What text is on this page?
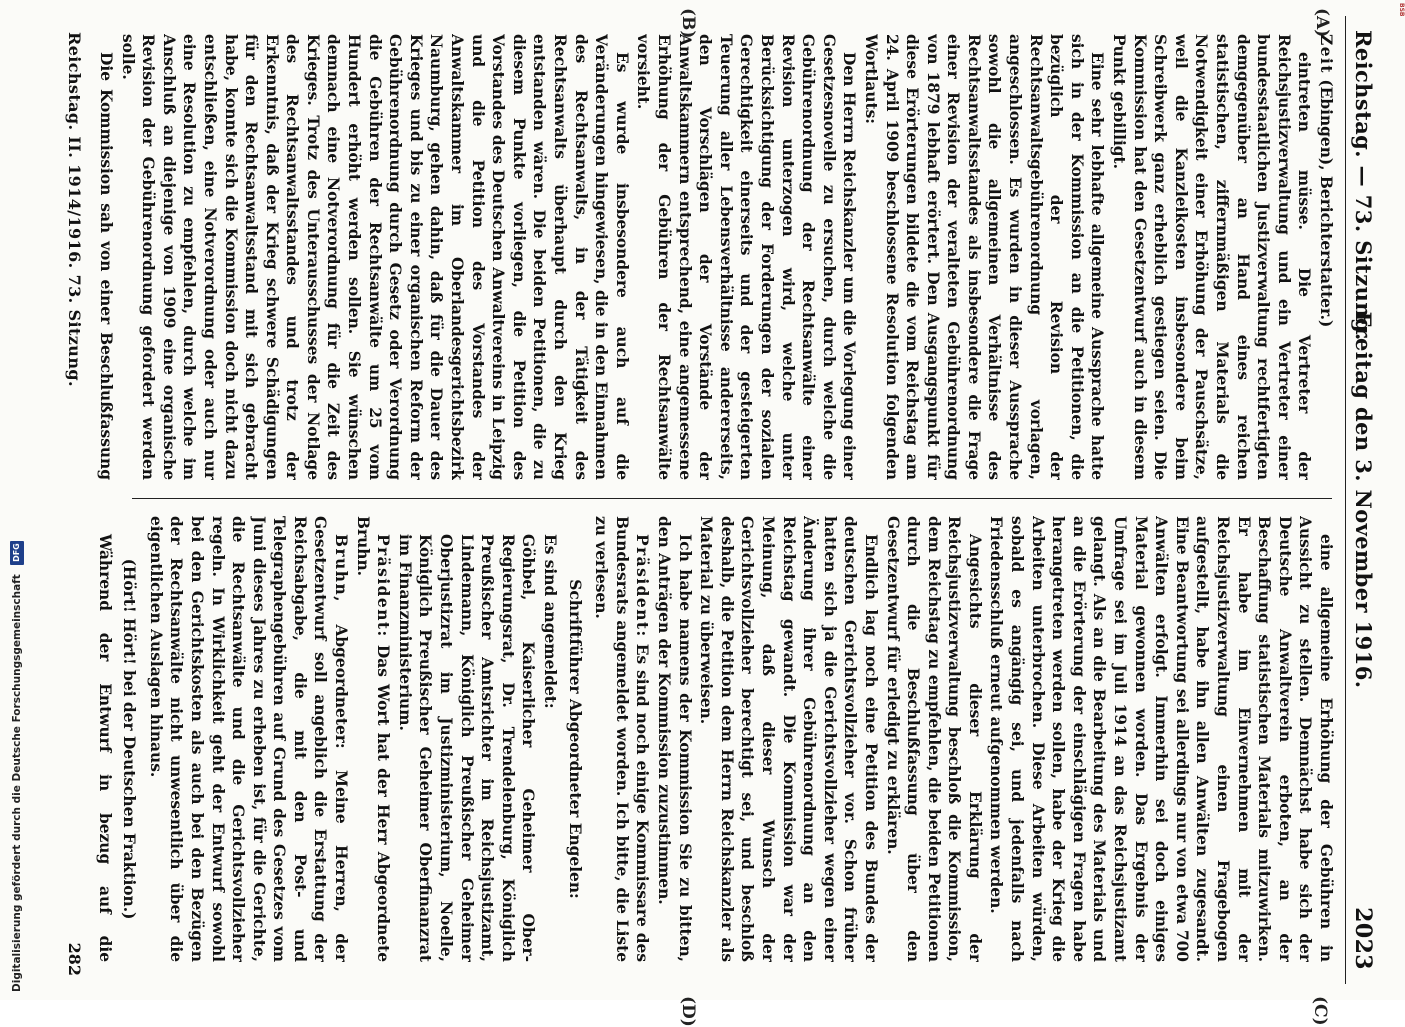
BSB
Digitalisierung gefördert durch die Deutsche Forschungsgemeinschaft DFG
Reichstag. — 73. Sitzung.
Freitag den 3. November 1916.
2023
(A)
(B)
(C)
(D)

Zeit (Ebingen), Berichterstatter.)

eintreten müsse. Die Vertreter der Reichsjustizverwaltung und ein Vertreter einer bundesstaatlichen Justizverwaltung rechtfertigten demgegenüber an Hand eines reichen statistischen, ziffernmäßigen Materials die Notwendigkeit einer Erhöhung der Pauschsätze, weil die Kanzleikosten insbesondere beim Schreibwerk ganz erheblich gestiegen seien. Die Kommission hat den Gesetzentwurf auch in diesem Punkt gebilligt.

Eine sehr lebhafte allgemeine Aussprache hatte sich in der Kommission an die Petitionen, die bezüglich der Revision der Rechtsanwaltsgebührenordnung vorlagen, angeschlossen. Es wurden in dieser Aussprache sowohl die allgemeinen Verhältnisse des Rechtsanwaltsstandes als insbesondere die Frage einer Revision der veralteten Gebührenordnung von 1879 lebhaft erörtert. Den Ausgangspunkt für diese Erörterungen bildete die vom Reichstag am 24. April 1909 beschlossene Resolution folgenden Wortlauts:

Den Herrn Reichskanzler um die Vorlegung einer Gesetzesnovelle zu ersuchen, durch welche die Gebührenordnung der Rechtsanwälte einer Revision unterzogen wird, welche unter Berücksichtigung der Forderungen der sozialen Gerechtigkeit einerseits und der gesteigerten Teuerung aller Lebensverhältnisse andererseits, den Vorschlägen der Vorstände der Anwaltskammern entsprechend, eine angemessene Erhöhung der Gebühren der Rechtsanwälte vorsieht.

Es wurde insbesondere auch auf die Veränderungen hingewiesen, die in den Einnahmen des Rechtsanwalts, in der Tätigkeit des Rechtsanwalts überhaupt durch den Krieg entstanden wären. Die beiden Petitionen, die zu diesem Punkte vorliegen, die Petition des Vorstandes des Deutschen Anwaltvereins in Leipzig und die Petition des Vorstandes der Anwaltskammer im Oberlandesgerichtsbezirk Naumburg, gehen dahin, daß für die Dauer des Krieges und bis zu einer organischen Reform der Gebührenordnung durch Gesetz oder Verordnung die Gebühren der Rechtsanwälte um 25 vom Hundert erhöht werden sollen. Sie wünschen demnach eine Notverordnung für die Zeit des Krieges. Trotz des Unterausschusses der Notlage des Rechtsanwaltsstandes und trotz der Erkenntnis, daß der Krieg schwere Schädigungen für den Rechtsanwaltsstand mit sich gebracht habe, konnte sich die Kommission doch nicht dazu entschließen, eine Notverordnung oder auch nur eine Resolution zu empfehlen, durch welche im Anschluß an diejenige von 1909 eine organische Revision der Gebührenordnung gefordert werden solle.

Die Kommission sah von einer Beschlußfassung

eine allgemeine Erhöhung der Gebühren in Aussicht zu stellen. Demnächst habe sich der Deutsche Anwaltverein erboten, an der Beschaffung statistischen Materials mitzuwirken. Er habe im Einvernehmen mit der Reichsjustizverwaltung einen Fragebogen aufgestellt, habe ihn allen Anwälten zugesandt. Eine Beantwortung sei allerdings nur von etwa 700 Anwälten erfolgt. Immerhin sei doch einiges Material gewonnen worden. Das Ergebnis der Umfrage sei im Juli 1914 an das Reichsjustizamt gelangt. Als an die Bearbeitung des Materials und an die Erörterung der einschlägigen Fragen habe herangetreten werden sollen, habe der Krieg die Arbeiten unterbrochen. Diese Arbeiten würden, sobald es angängig sei, und jedenfalls nach Friedensschluß erneut aufgenommen werden.

Angesichts dieser Erklärung der Reichsjustizverwaltung beschloß die Kommission, dem Reichstag zu empfehlen, die beiden Petitionen durch die Beschlußfassung über den Gesetzentwurf für erledigt zu erklären.

Endlich lag noch eine Petition des Bundes der deutschen Gerichtsvollzieher vor. Schon früher hatten sich ja die Gerichtsvollzieher wegen einer Änderung ihrer Gebührenordnung an den Reichstag gewandt. Die Kommission war der Meinung, daß dieser Wunsch der Gerichtsvollzieher berechtigt sei, und beschloß deshalb, die Petition dem Herrn Reichskanzler als Material zu überweisen.

Ich habe namens der Kommission Sie zu bitten, den Anträgen der Kommission zuzustimmen.

Präsident: Es sind noch einige Kommissare des Bundesrats angemeldet worden. Ich bitte, die Liste zu verlesen.

Schriftführer Abgeordneter Engelen:

Es sind angemeldet:

Göhbel, Kaiserlicher Geheimer Ober-Regierungsrat, Dr. Trendelenburg, Königlich Preußischer Amtsrichter im Reichsjustizamt, Lindemann, Königlich Preußischer Geheimer Oberjustizrat im Justizministerium, Noelle, Königlich Preußischer Geheimer Oberfinanzrat im Finanzministerium.

Präsident: Das Wort hat der Herr Abgeordnete Bruhn.

Bruhn, Abgeordneter: Meine Herren, der Gesetzentwurf soll angeblich die Erstattung der Reichsabgabe, die mit den Post- und Telegraphengebühren auf Grund des Gesetzes vom Juni dieses Jahres zu erheben ist, für die Gerichte, die Rechtsanwälte und die Gerichtsvollzieher regeln. In Wirklichkeit geht der Entwurf sowohl bei den Gerichtskosten als auch bei den Bezügen der Rechtsanwälte nicht unwesentlich über die eigentlichen Auslagen hinaus.

(Hört! Hört! bei der Deutschen Fraktion.)

Während der Entwurf in bezug auf die

Reichstag. II. 1914/1916. 73. Sitzung.
282
